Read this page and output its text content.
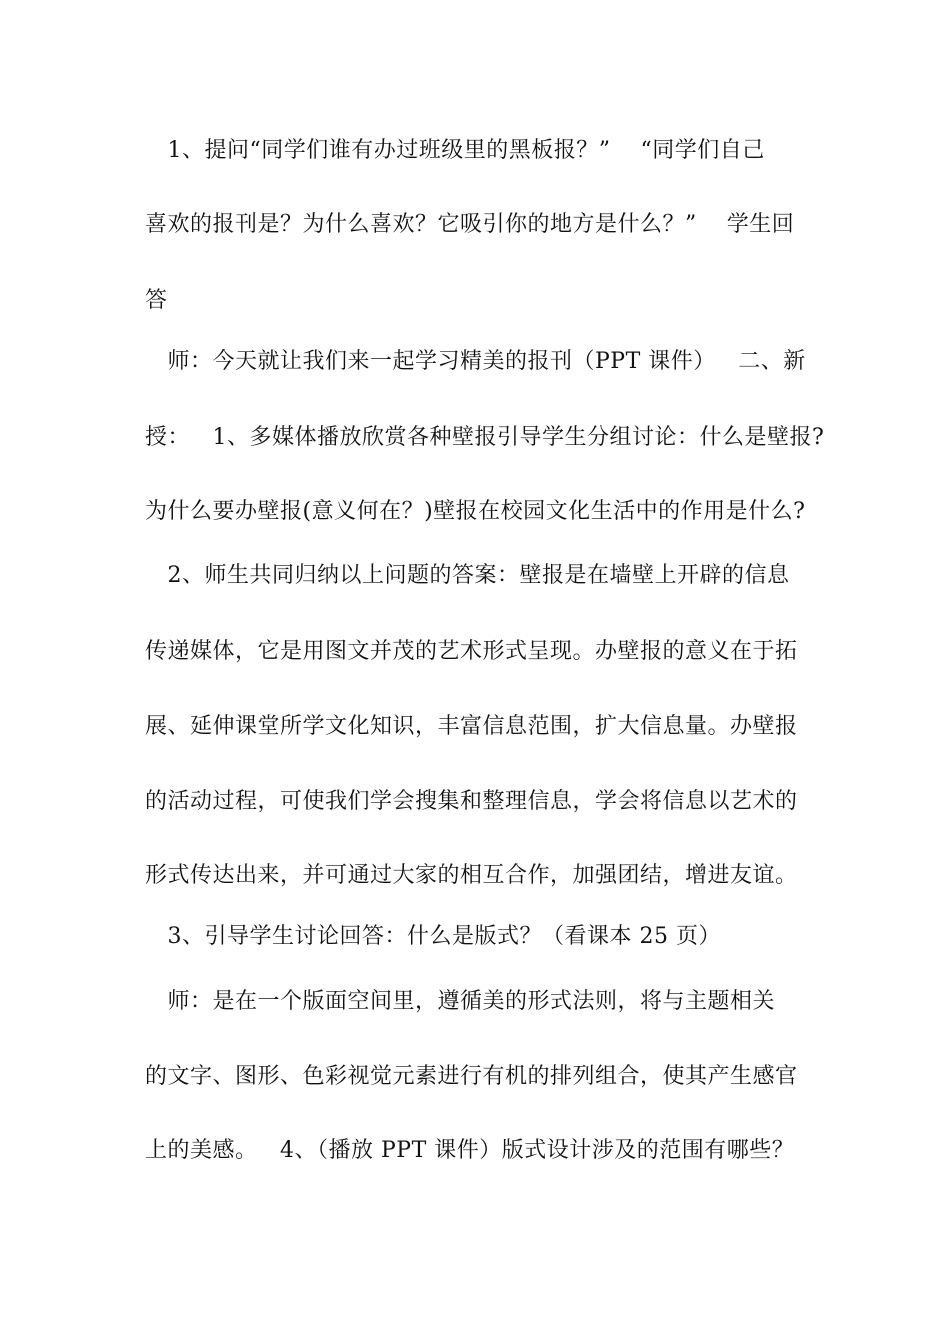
1、提问“同学们谁有办过班级里的黑板报？”    “同学们自己
喜欢的报刊是？为什么喜欢？它吸引你的地方是什么？”    学生回
答
师：今天就让我们来一起学习精美的报刊（PPT 课件）   二、新
授：   1、多媒体播放欣赏各种壁报引导学生分组讨论：什么是壁报?
为什么要办壁报(意义何在？)壁报在校园文化生活中的作用是什么?
2、师生共同归纳以上问题的答案：壁报是在墙壁上开辟的信息
传递媒体，它是用图文并茂的艺术形式呈现。办壁报的意义在于拓
展、延伸课堂所学文化知识，丰富信息范围，扩大信息量。办壁报
的活动过程，可使我们学会搜集和整理信息，学会将信息以艺术的
形式传达出来，并可通过大家的相互合作，加强团结，增进友谊。
3、引导学生讨论回答：什么是版式？（看课本 25 页）
师：是在一个版面空间里，遵循美的形式法则，将与主题相关
的文字、图形、色彩视觉元素进行有机的排列组合，使其产生感官
上的美感。   4、（播放 PPT 课件）版式设计涉及的范围有哪些？
